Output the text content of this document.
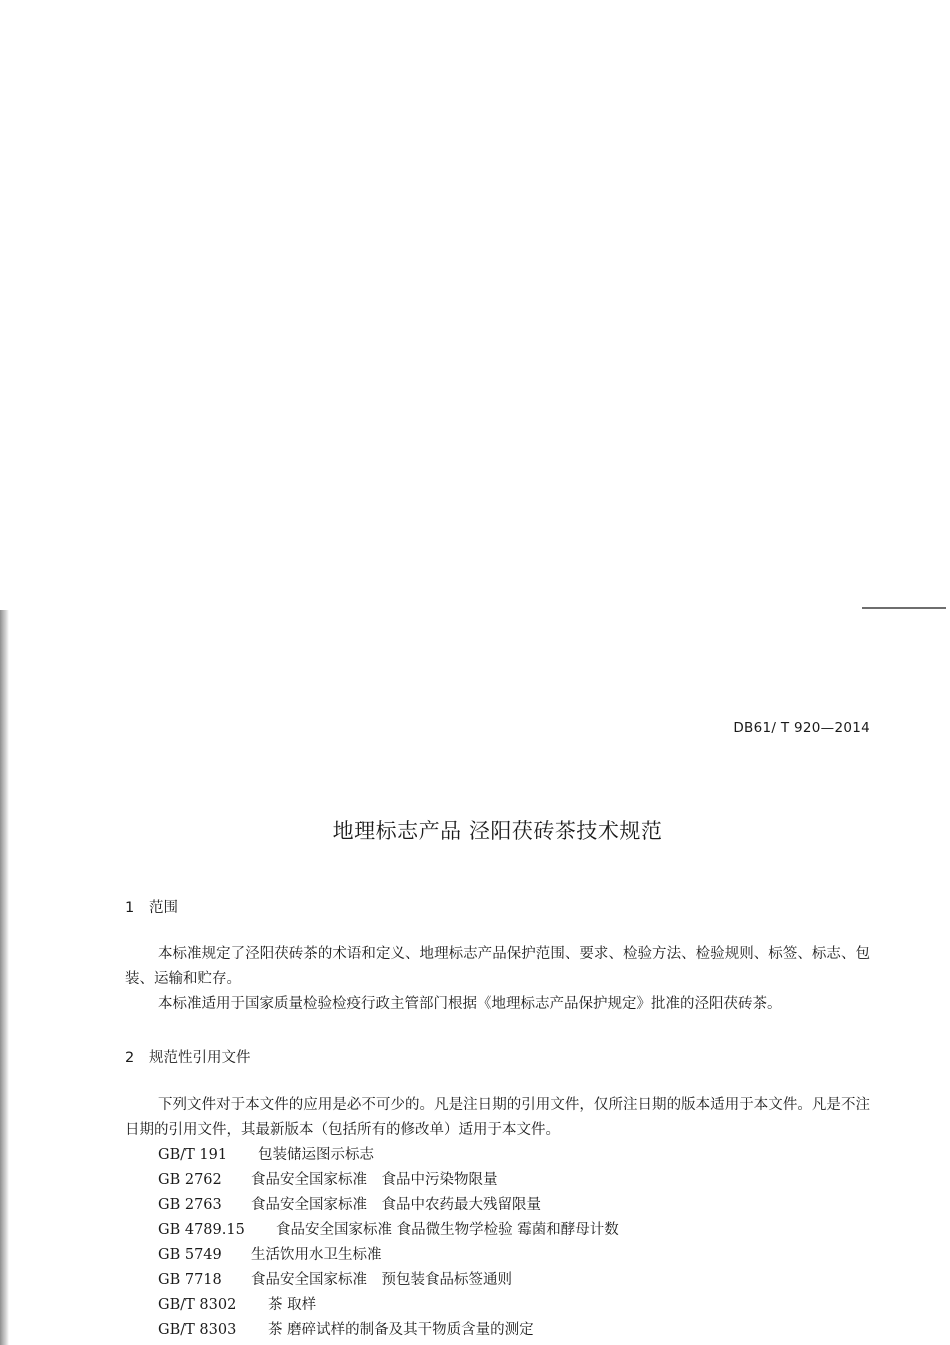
DB61/ T 920—2014
地理标志产品 泾阳茯砖茶技术规范
1 范围
本标准规定了泾阳茯砖茶的术语和定义、地理标志产品保护范围、要求、检验方法、检验规则、标签、标志、包装、运输和贮存。
本标准适用于国家质量检验检疫行政主管部门根据《地理标志产品保护规定》批准的泾阳茯砖茶。
2 规范性引用文件
下列文件对于本文件的应用是必不可少的。凡是注日期的引用文件，仅所注日期的版本适用于本文件。凡是不注日期的引用文件，其最新版本（包括所有的修改单）适用于本文件。
GB/T 191 包装储运图示标志
GB 2762 食品安全国家标准　食品中污染物限量
GB 2763 食品安全国家标准　食品中农药最大残留限量
GB 4789.15 食品安全国家标准 食品微生物学检验 霉菌和酵母计数
GB 5749 生活饮用水卫生标准
GB 7718 食品安全国家标准　预包装食品标签通则
GB/T 8302 茶 取样
GB/T 8303 茶 磨碎试样的制备及其干物质含量的测定
